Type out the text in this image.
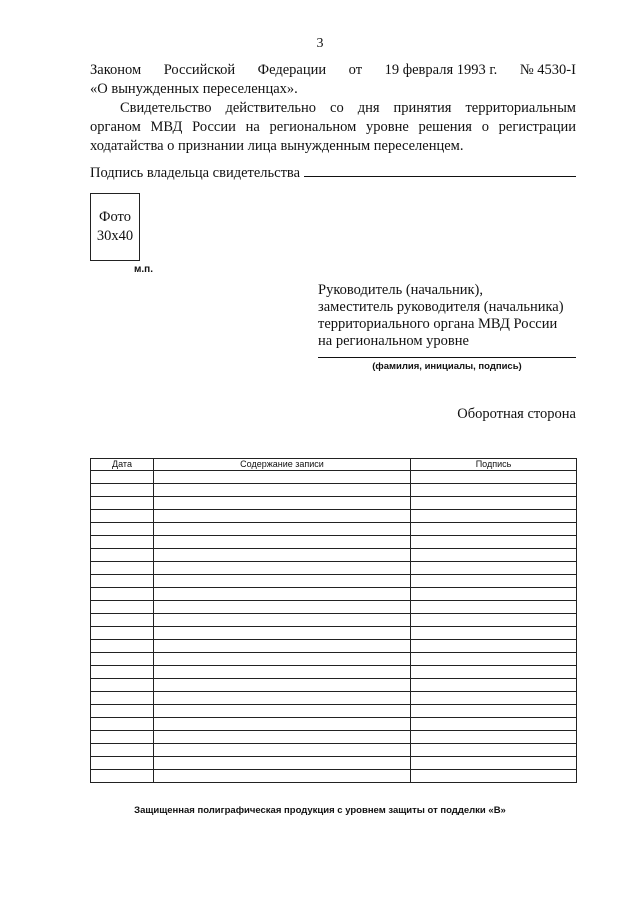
3
Законом Российской Федерации от 19 февраля 1993 г. № 4530-I
«О вынужденных переселенцах».
Свидетельство действительно со дня принятия территориальным органом МВД России на региональном уровне решения о регистрации ходатайства о признании лица вынужденным переселенцем.
Подпись владельца свидетельства
Фото
30x40
м.п.
Руководитель (начальник),
заместитель руководителя (начальника)
территориального органа МВД России
на региональном уровне
(фамилия, инициалы, подпись)
Оборотная сторона
Дата	Содержание записи	Подпись

Защищенная полиграфическая продукция с уровнем защиты от подделки «В»
